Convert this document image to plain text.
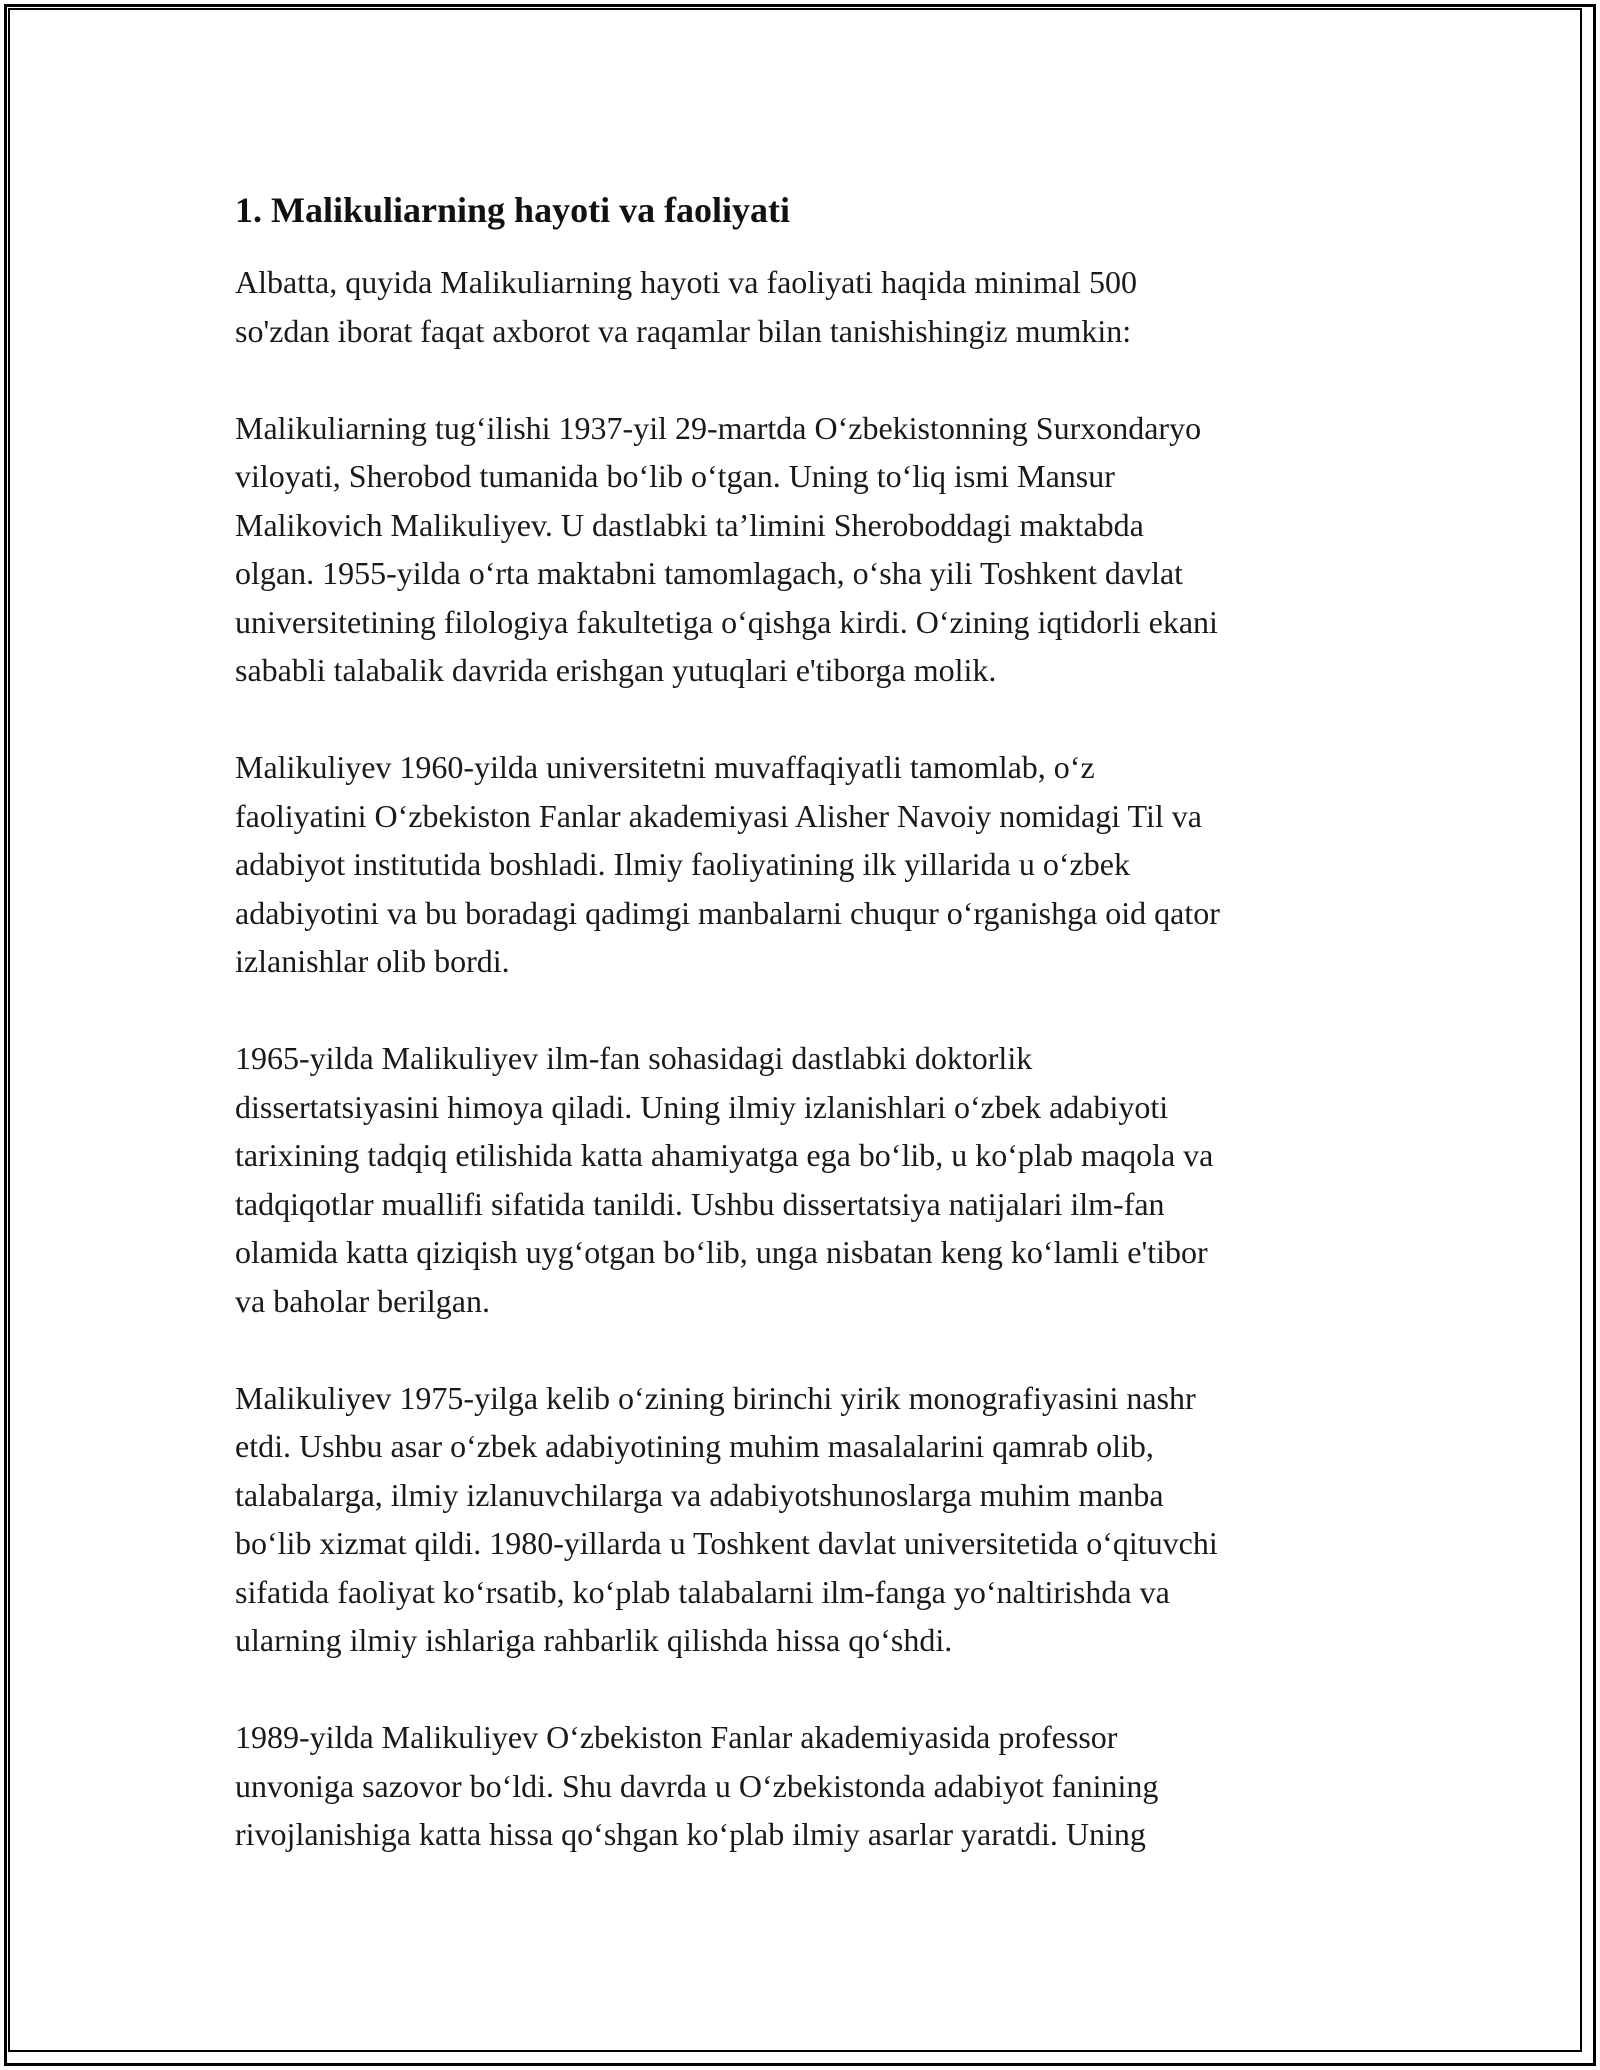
1. Malikuliarning hayoti va faoliyati

Albatta, quyida Malikuliarning hayoti va faoliyati haqida minimal 500
so'zdan iborat faqat axborot va raqamlar bilan tanishishingiz mumkin:

Malikuliarning tugʻilishi 1937-yil 29-martda Oʻzbekistonning Surxondaryo
viloyati, Sherobod tumanida boʻlib oʻtgan. Uning toʻliq ismi Mansur
Malikovich Malikuliyev. U dastlabki taʼlimini Sheroboddagi maktabda
olgan. 1955-yilda oʻrta maktabni tamomlagach, oʻsha yili Toshkent davlat
universitetining filologiya fakultetiga oʻqishga kirdi. Oʻzining iqtidorli ekani
sababli talabalik davrida erishgan yutuqlari e'tiborga molik.

Malikuliyev 1960-yilda universitetni muvaffaqiyatli tamomlab, oʻz
faoliyatini Oʻzbekiston Fanlar akademiyasi Alisher Navoiy nomidagi Til va
adabiyot institutida boshladi. Ilmiy faoliyatining ilk yillarida u oʻzbek
adabiyotini va bu boradagi qadimgi manbalarni chuqur oʻrganishga oid qator
izlanishlar olib bordi.

1965-yilda Malikuliyev ilm-fan sohasidagi dastlabki doktorlik
dissertatsiyasini himoya qiladi. Uning ilmiy izlanishlari oʻzbek adabiyoti
tarixining tadqiq etilishida katta ahamiyatga ega boʻlib, u koʻplab maqola va
tadqiqotlar muallifi sifatida tanildi. Ushbu dissertatsiya natijalari ilm-fan
olamida katta qiziqish uygʻotgan boʻlib, unga nisbatan keng koʻlamli e'tibor
va baholar berilgan.

Malikuliyev 1975-yilga kelib oʻzining birinchi yirik monografiyasini nashr
etdi. Ushbu asar oʻzbek adabiyotining muhim masalalarini qamrab olib,
talabalarga, ilmiy izlanuvchilarga va adabiyotshunoslarga muhim manba
boʻlib xizmat qildi. 1980-yillarda u Toshkent davlat universitetida oʻqituvchi
sifatida faoliyat koʻrsatib, koʻplab talabalarni ilm-fanga yoʻnaltirishda va
ularning ilmiy ishlariga rahbarlik qilishda hissa qoʻshdi.

1989-yilda Malikuliyev Oʻzbekiston Fanlar akademiyasida professor
unvoniga sazovor boʻldi. Shu davrda u Oʻzbekistonda adabiyot fanining
rivojlanishiga katta hissa qoʻshgan koʻplab ilmiy asarlar yaratdi. Uning
